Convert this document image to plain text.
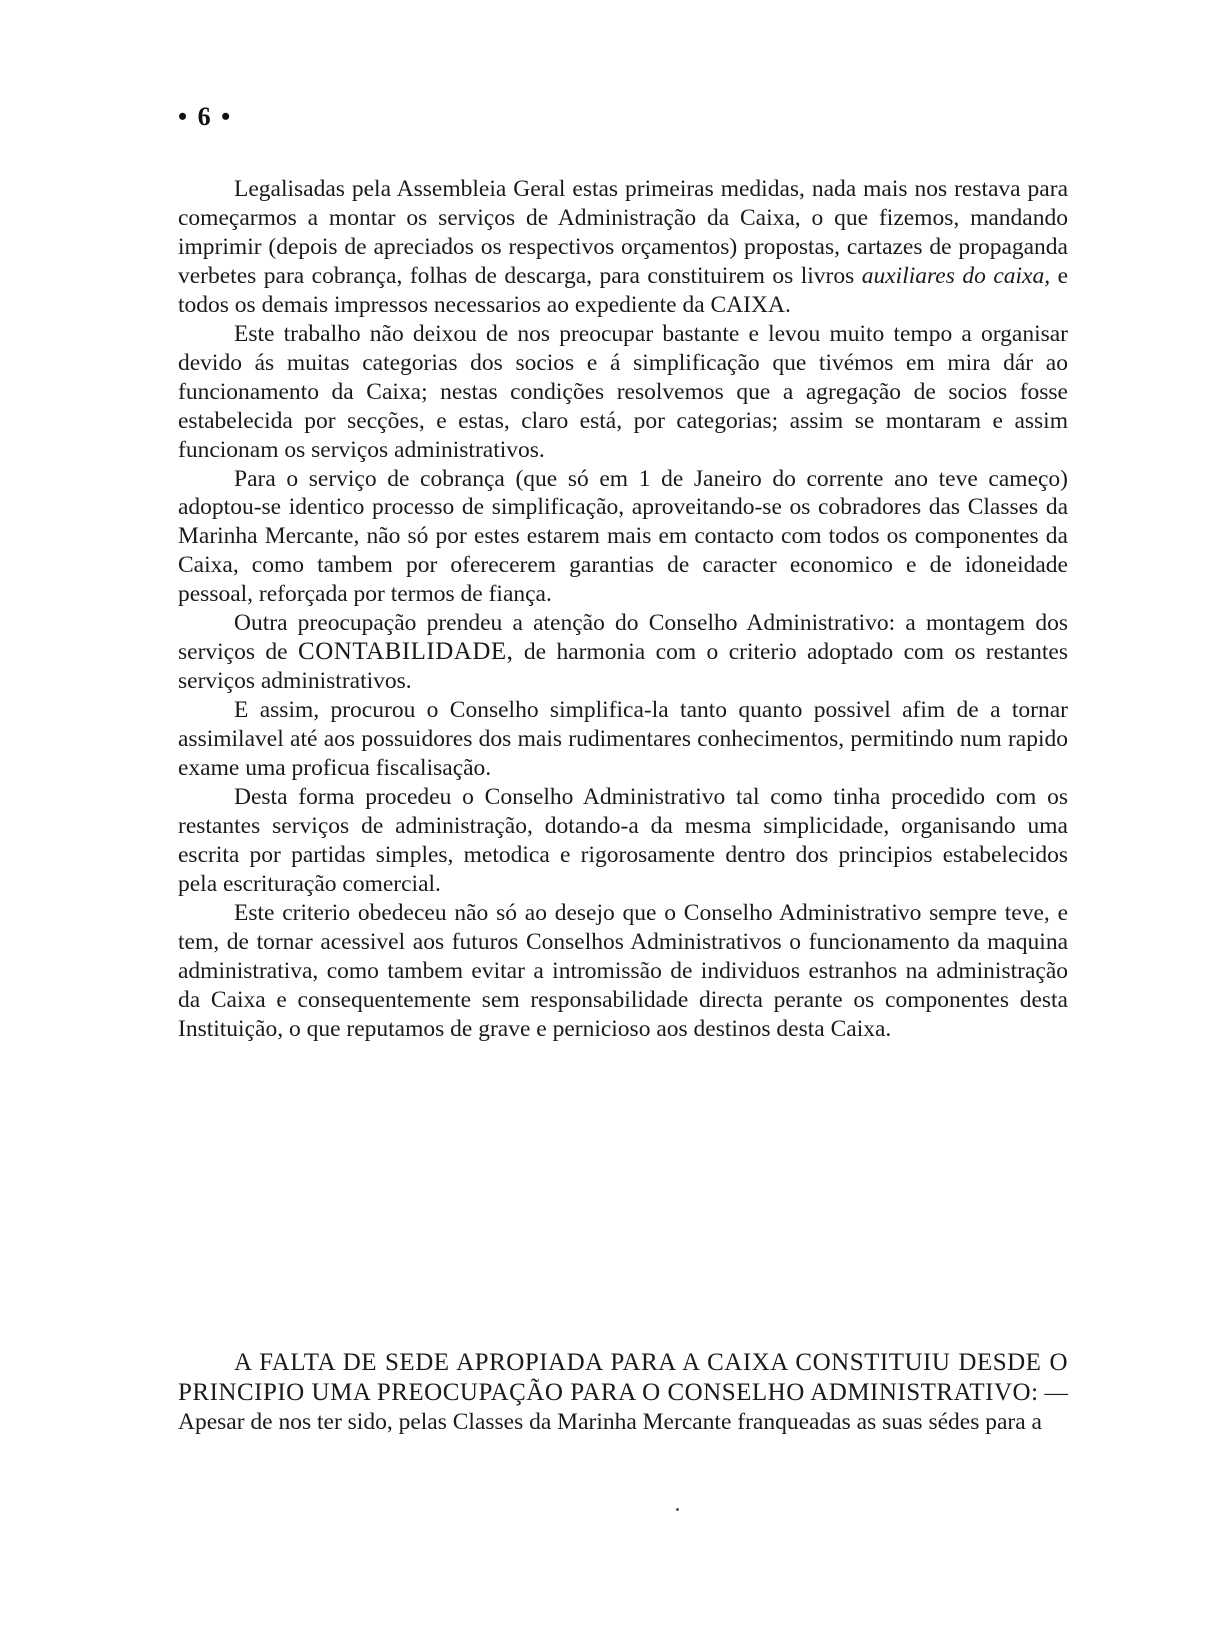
• 6 •

Legalisadas pela Assembleia Geral estas primeiras medidas, nada mais nos restava para começarmos a montar os serviços de Administração da Caixa, o que fizemos, mandando imprimir (depois de apreciados os respectivos orçamentos) propostas, cartazes de propaganda verbetes para cobrança, folhas de descarga, para constituirem os livros auxiliares do caixa, e todos os demais impressos necessarios ao expediente da CAIXA.

Este trabalho não deixou de nos preocupar bastante e levou muito tempo a organisar devido ás muitas categorias dos socios e á simplificação que tivémos em mira dár ao funcionamento da Caixa; nestas condições resolvemos que a agregação de socios fosse estabelecida por secções, e estas, claro está, por categorias; assim se montaram e assim funcionam os serviços administrativos.

Para o serviço de cobrança (que só em 1 de Janeiro do corrente ano teve cameço) adoptou-se identico processo de simplificação, aproveitando-se os cobradores das Classes da Marinha Mercante, não só por estes estarem mais em contacto com todos os componentes da Caixa, como tambem por oferecerem garantias de caracter economico e de idoneidade pessoal, reforçada por termos de fiança.

Outra preocupação prendeu a atenção do Conselho Administrativo: a montagem dos serviços de CONTABILIDADE, de harmonia com o criterio adoptado com os restantes serviços administrativos.

E assim, procurou o Conselho simplifica-la tanto quanto possivel afim de a tornar assimilavel até aos possuidores dos mais rudimentares conhecimentos, permitindo num rapido exame uma proficua fiscalisação.

Desta forma procedeu o Conselho Administrativo tal como tinha procedido com os restantes serviços de administração, dotando-a da mesma simplicidade, organisando uma escrita por partidas simples, metodica e rigorosamente dentro dos principios estabelecidos pela escrituração comercial.

Este criterio obedeceu não só ao desejo que o Conselho Administrativo sempre teve, e tem, de tornar acessivel aos futuros Conselhos Administrativos o funcionamento da maquina administrativa, como tambem evitar a intromissão de individuos estranhos na administração da Caixa e consequentemente sem responsabilidade directa perante os componentes desta Instituição, o que reputamos de grave e pernicioso aos destinos desta Caixa.

A FALTA DE SEDE APROPIADA PARA A CAIXA CONSTITUIU DESDE O PRINCIPIO UMA PREOCUPAÇÃO PARA O CONSELHO ADMINISTRATIVO: — Apesar de nos ter sido, pelas Classes da Marinha Mercante franqueadas as suas sédes para a
